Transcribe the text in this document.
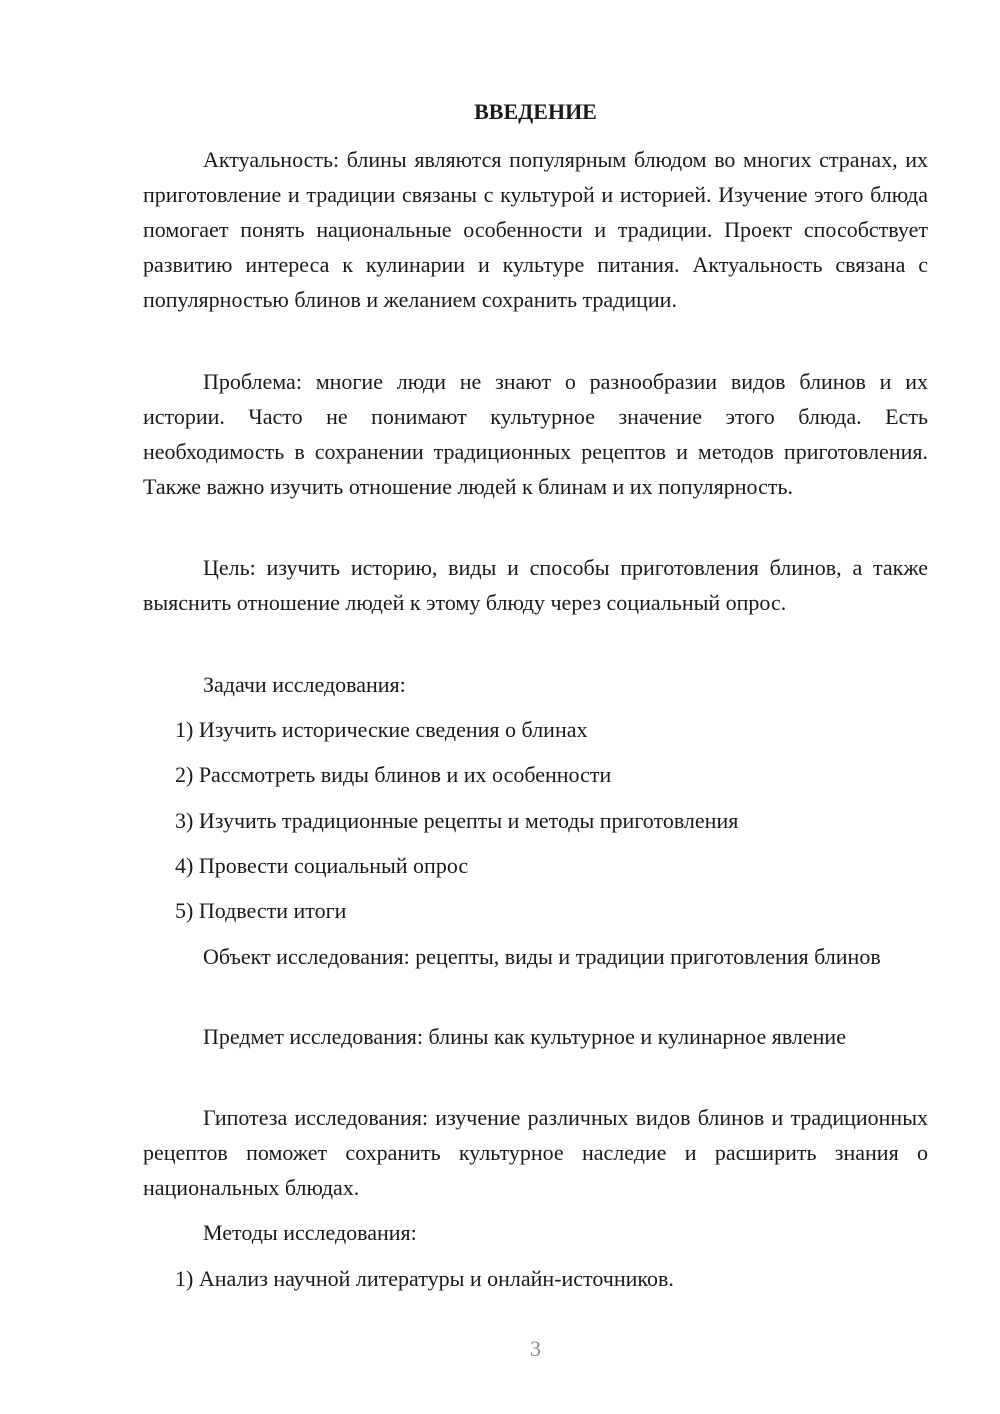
ВВЕДЕНИЕ

Актуальность: блины являются популярным блюдом во многих странах, их приготовление и традиции связаны с культурой и историей. Изучение этого блюда помогает понять национальные особенности и традиции. Проект способствует развитию интереса к кулинарии и культуре питания. Актуальность связана с популярностью блинов и желанием сохранить традиции.

Проблема: многие люди не знают о разнообразии видов блинов и их истории. Часто не понимают культурное значение этого блюда. Есть необходимость в сохранении традиционных рецептов и методов приготовления. Также важно изучить отношение людей к блинам и их популярность.

Цель: изучить историю, виды и способы приготовления блинов, а также выяснить отношение людей к этому блюду через социальный опрос.

Задачи исследования:

1) Изучить исторические сведения о блинах

2) Рассмотреть виды блинов и их особенности

3) Изучить традиционные рецепты и методы приготовления

4) Провести социальный опрос

5) Подвести итоги

Объект исследования: рецепты, виды и традиции приготовления блинов

Предмет исследования: блины как культурное и кулинарное явление

Гипотеза исследования: изучение различных видов блинов и традиционных рецептов поможет сохранить культурное наследие и расширить знания о национальных блюдах.

Методы исследования:

1) Анализ научной литературы и онлайн-источников.

3
